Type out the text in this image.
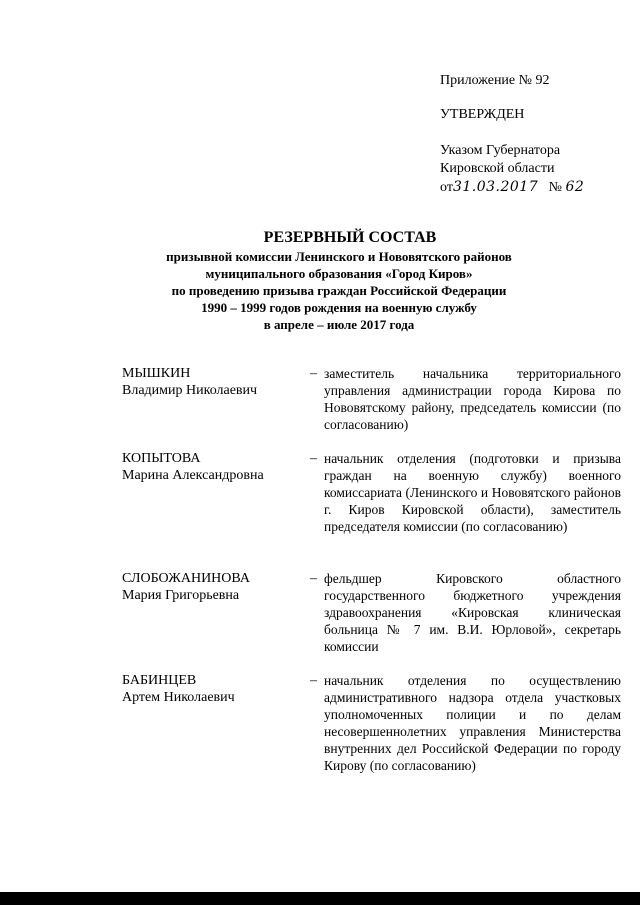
Приложение № 92
УТВЕРЖДЕН
Указом Губернатора
Кировской области
от31.03.2017 № 62
РЕЗЕРВНЫЙ СОСТАВ
призывной комиссии Ленинского и Нововятского районов
муниципального образования «Город Киров»
по проведению призыва граждан Российской Федерации
1990 – 1999 годов рождения на военную службу
в апреле – июле 2017 года
МЫШКИН
Владимир Николаевич
– заместитель начальника территориального управления администрации города Кирова по Нововятскому району, председатель комиссии (по согласованию)
КОПЫТОВА
Марина Александровна
– начальник отделения (подготовки и призыва граждан на военную службу) военного комиссариата (Ленинского и Нововятского районов г. Киров Кировской области), заместитель председателя комиссии (по согласованию)
СЛОБОЖАНИНОВА
Мария Григорьевна
– фельдшер Кировского областного государственного бюджетного учреждения здравоохранения «Кировская клиническая больница № 7 им. В.И. Юрловой», секретарь комиссии
БАБИНЦЕВ
Артем Николаевич
– начальник отделения по осуществлению административного надзора отдела участковых уполномоченных полиции и по делам несовершеннолетних управления Министерства внутренних дел Российской Федерации по городу Кирову (по согласованию)
